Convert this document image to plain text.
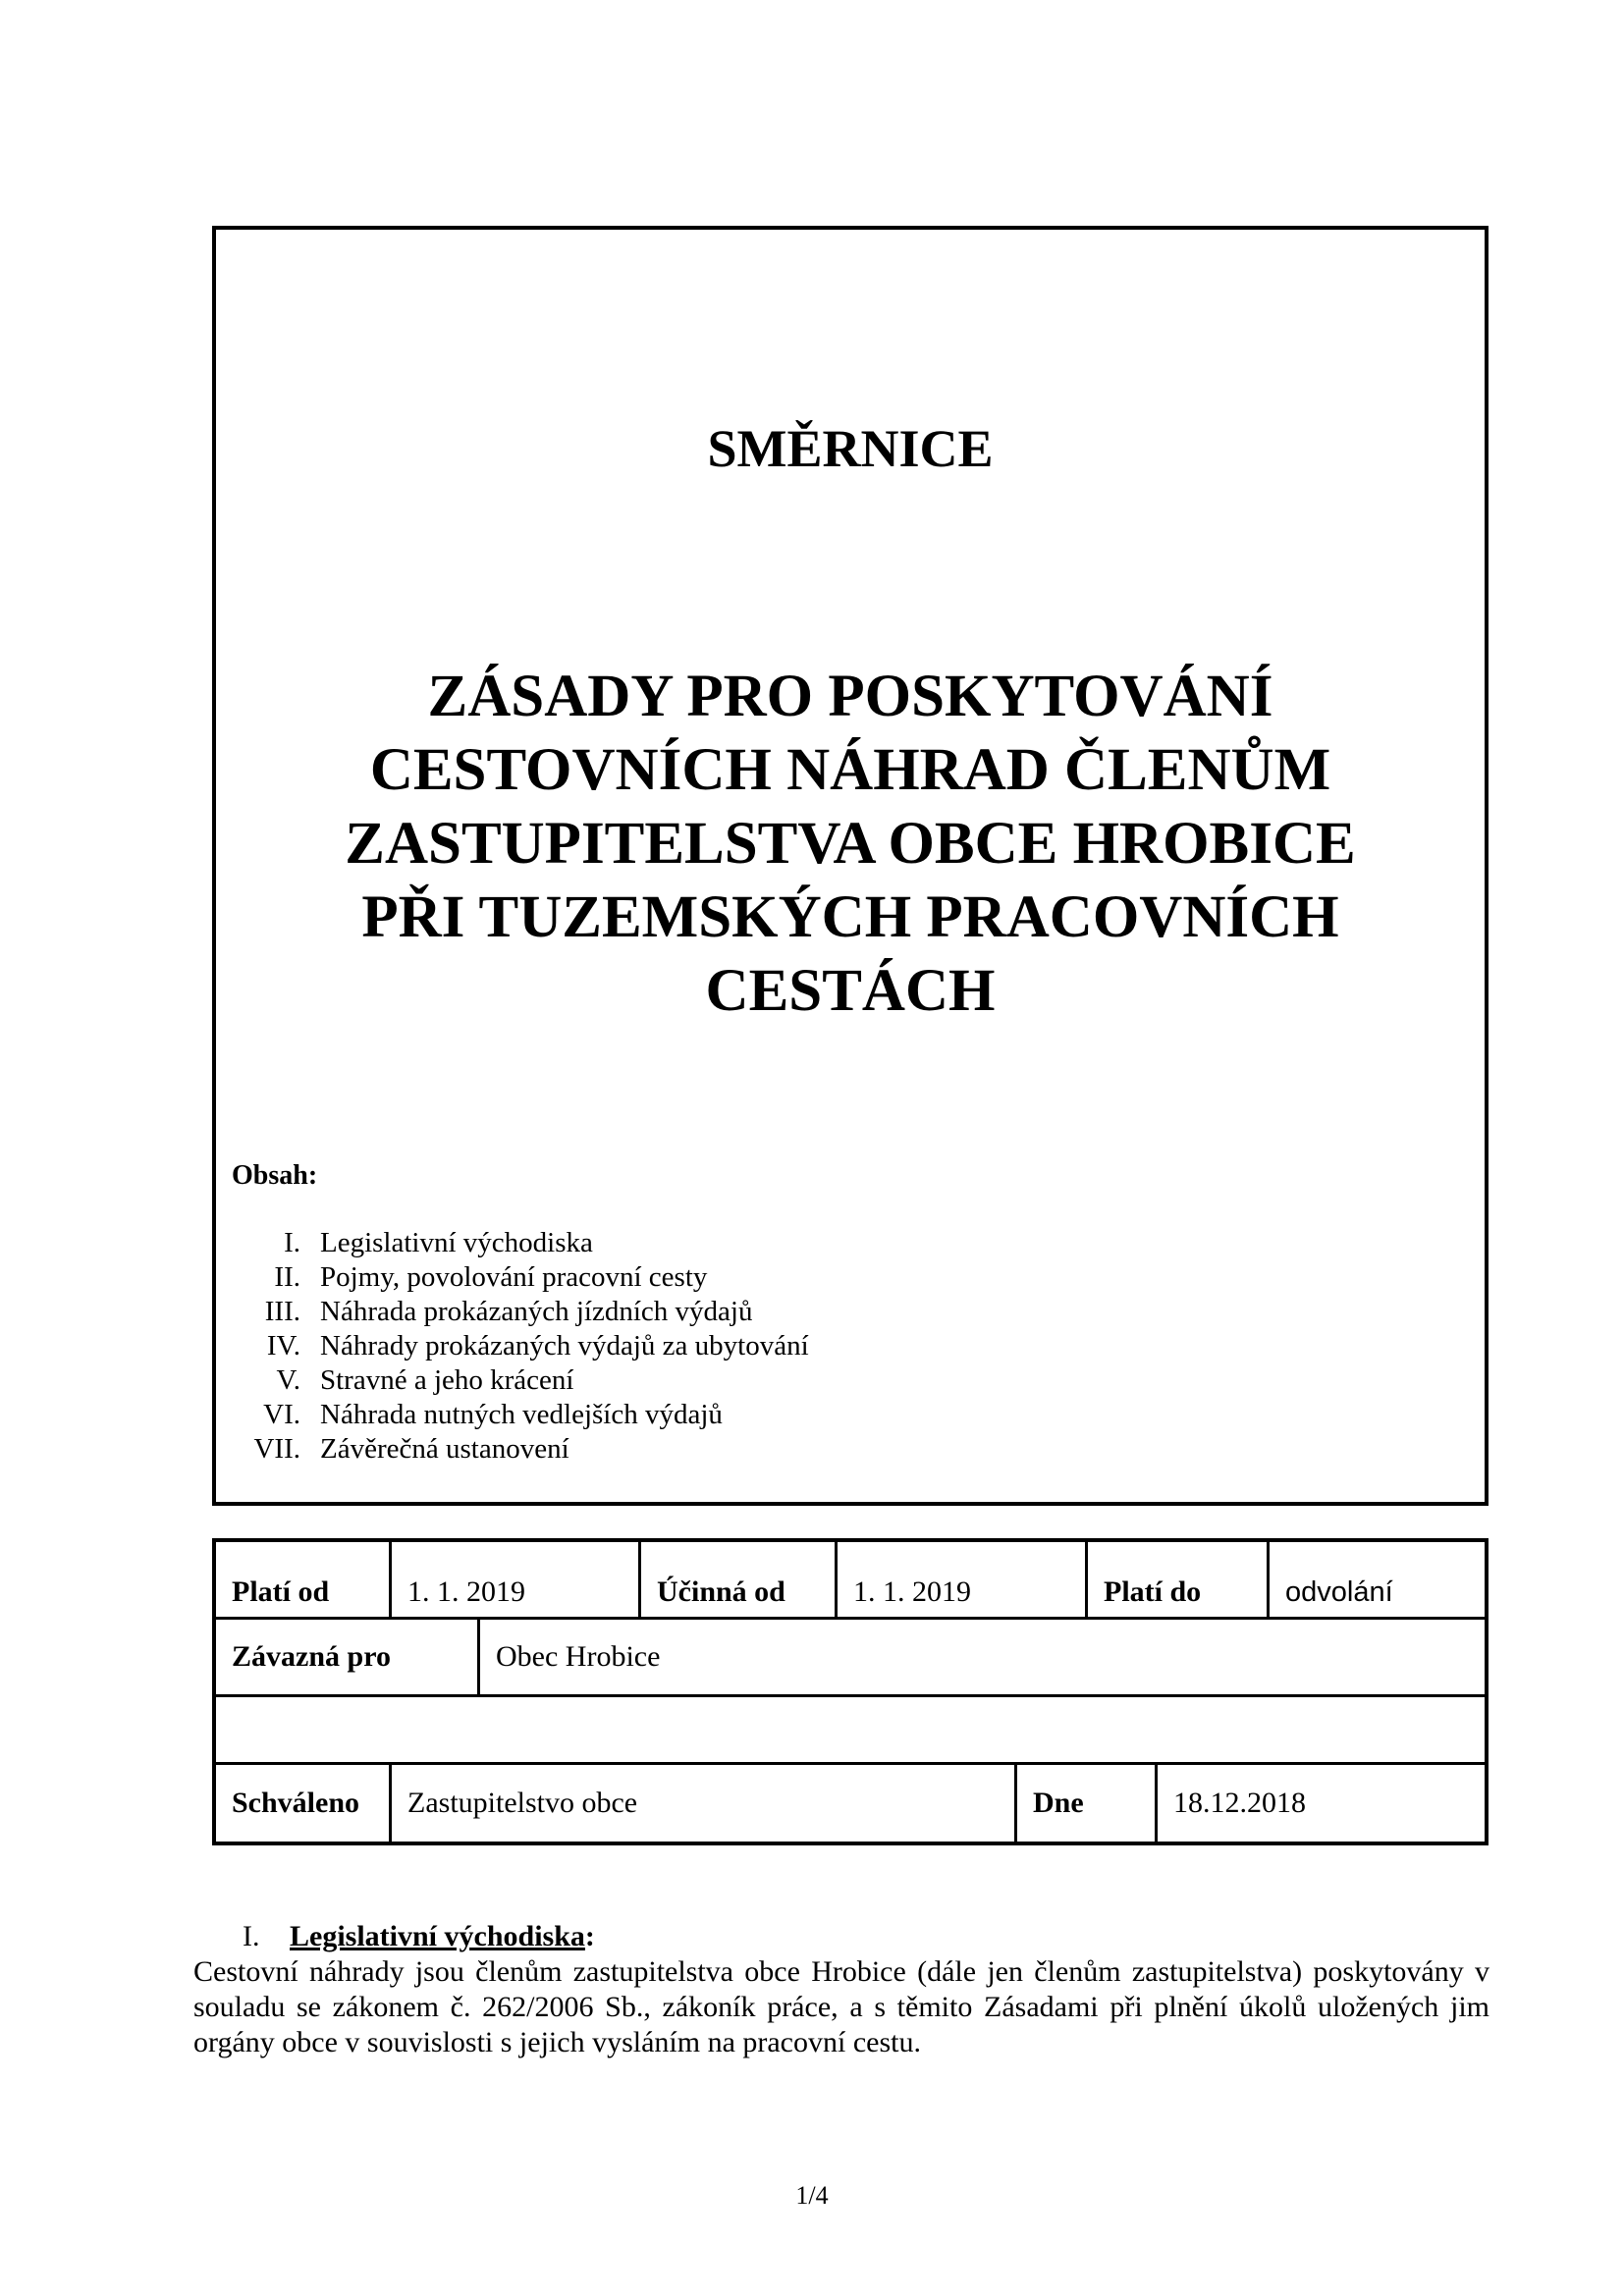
SMĚRNICE
ZÁSADY PRO POSKYTOVÁNÍ
CESTOVNÍCH NÁHRAD ČLENŮM
ZASTUPITELSTVA OBCE HROBICE
PŘI TUZEMSKÝCH PRACOVNÍCH
CESTÁCH
Obsah:
I. Legislativní východiska
II. Pojmy, povolování pracovní cesty
III. Náhrada prokázaných jízdních výdajů
IV. Náhrady prokázaných výdajů za ubytování
V. Stravné a jeho krácení
VI. Náhrada nutných vedlejších výdajů
VII. Závěrečná ustanovení
Platí od	1. 1. 2019	Účinná od	1. 1. 2019	Platí do	odvolání
Závazná pro	Obec Hrobice
Schváleno	Zastupitelstvo obce	Dne	18.12.2018
I. Legislativní východiska:

Cestovní náhrady jsou členům zastupitelstva obce Hrobice (dále jen členům zastupitelstva) poskytovány v souladu se zákonem č. 262/2006 Sb., zákoník práce, a s těmito Zásadami při plnění úkolů uložených jim orgány obce v souvislosti s jejich vysláním na pracovní cestu.

1/4
